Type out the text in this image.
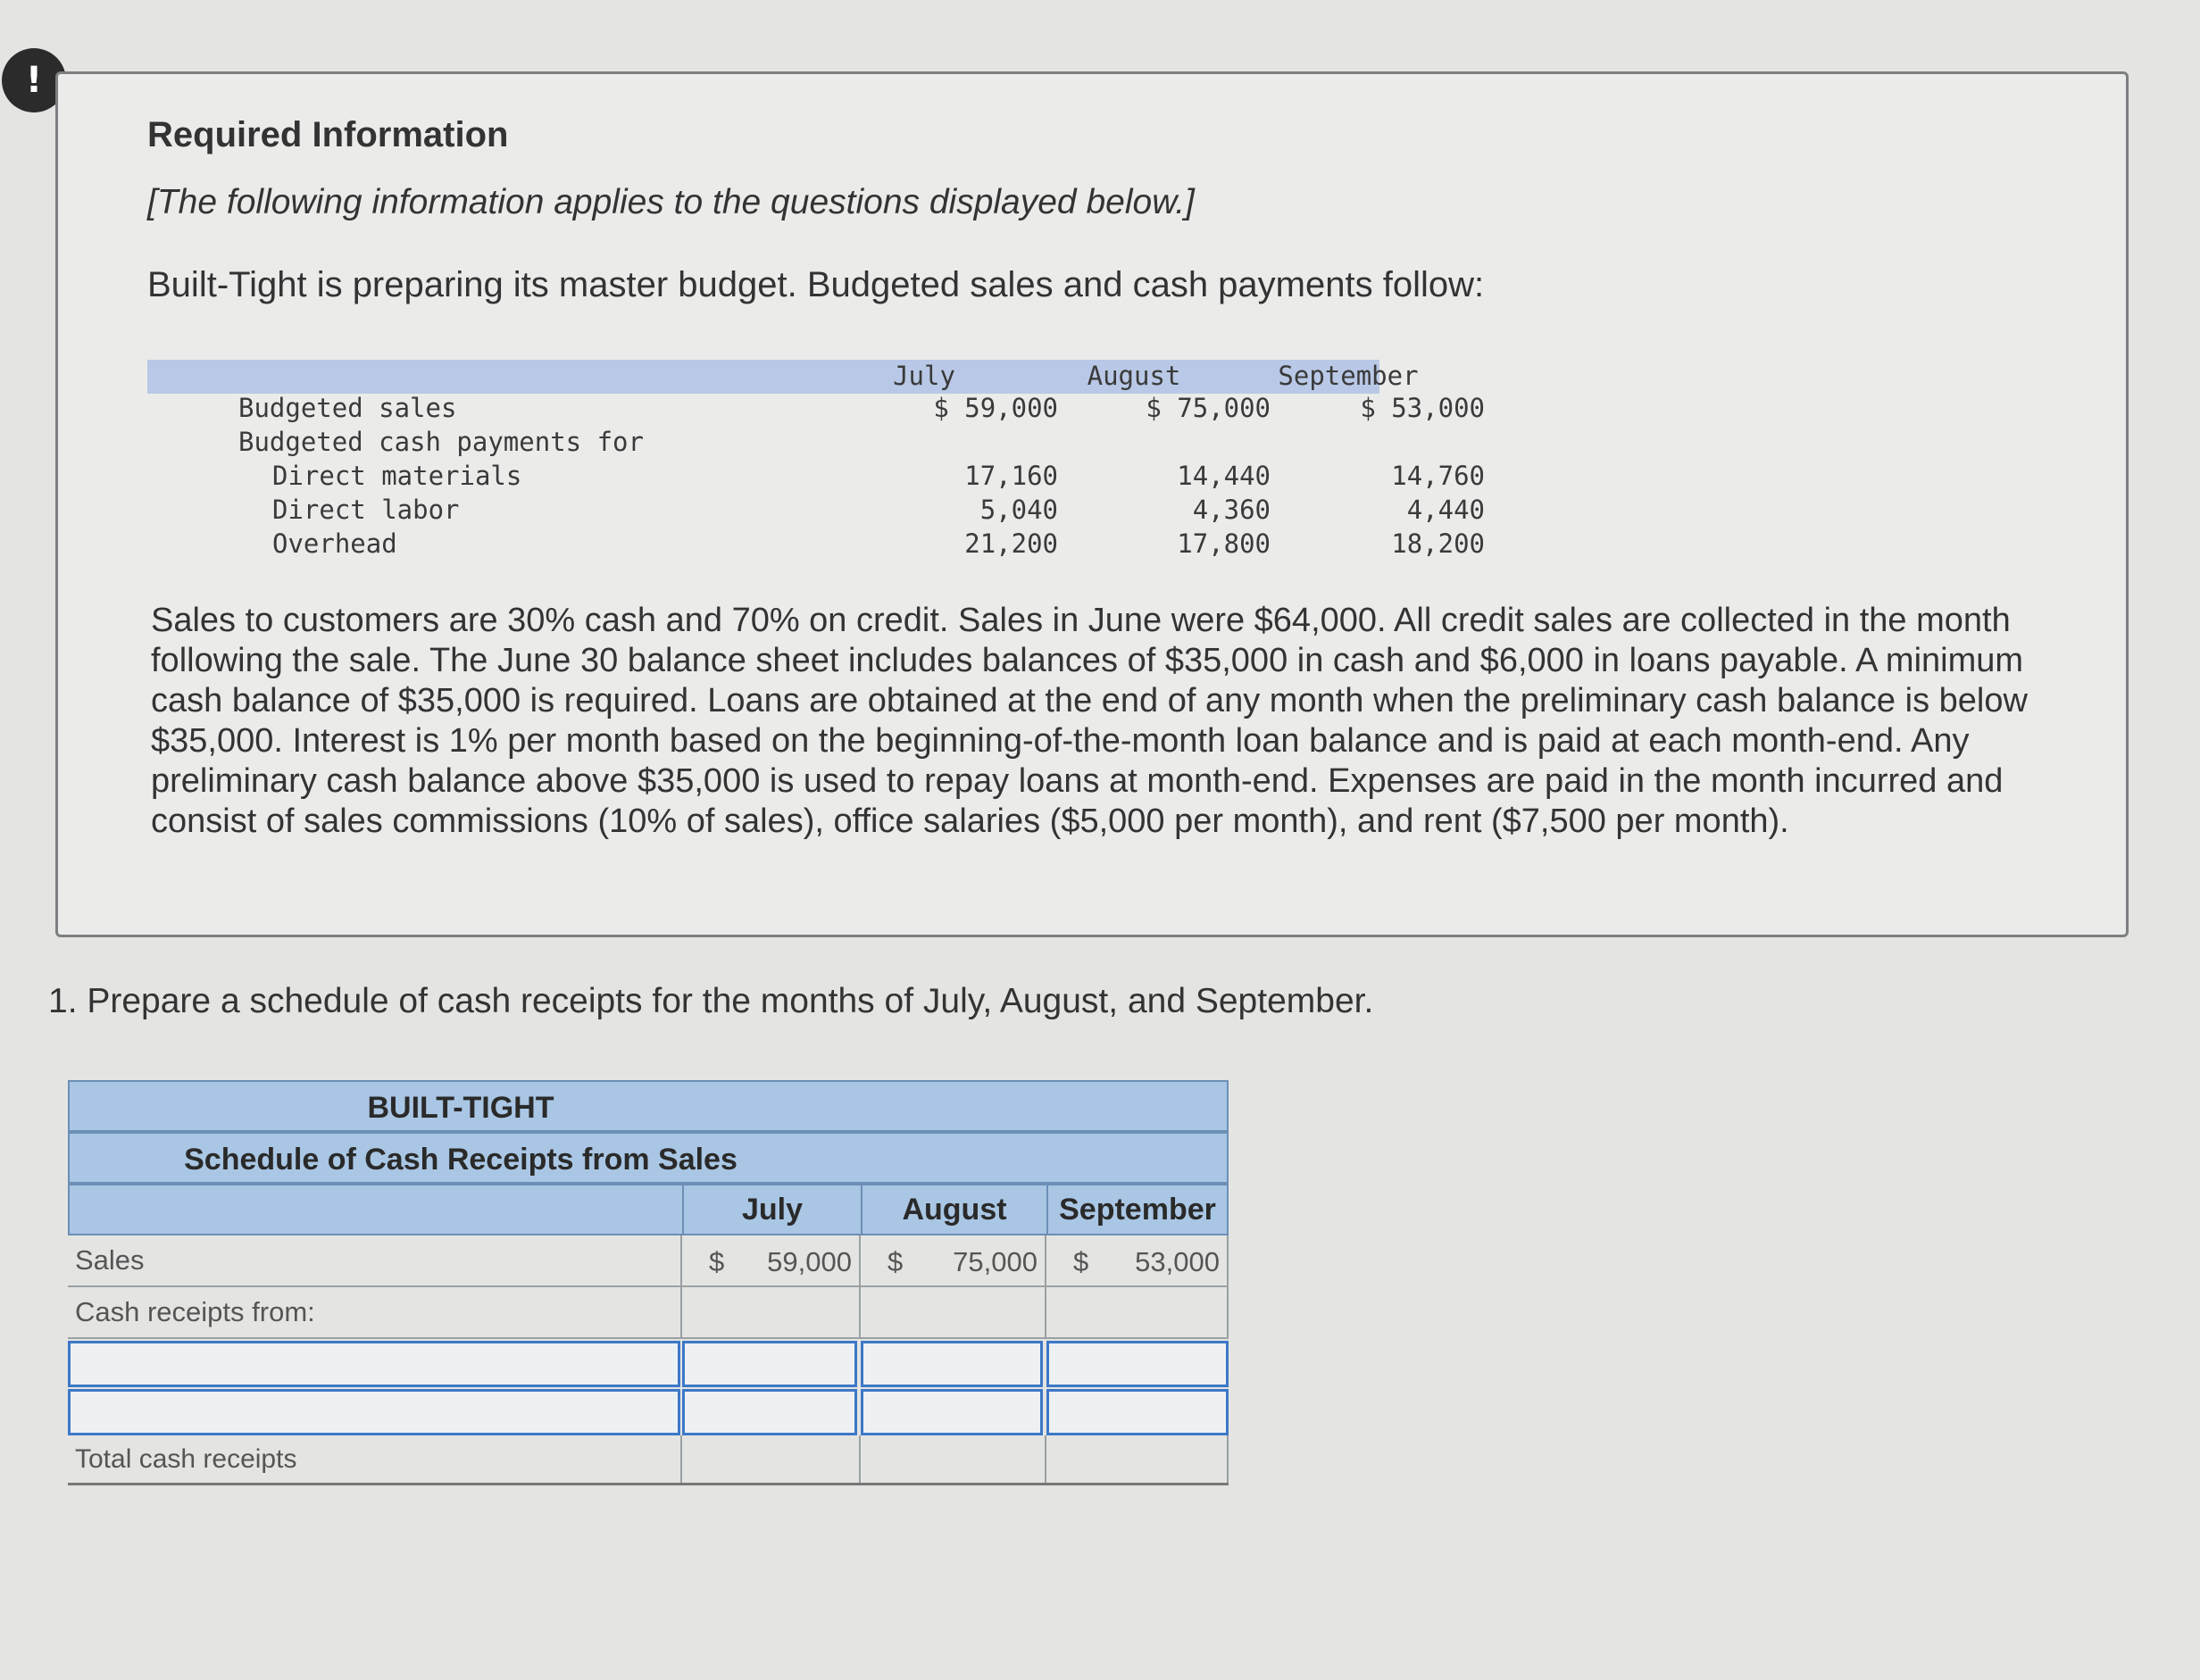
!
Required Information
[The following information applies to the questions displayed below.]
Built-Tight is preparing its master budget. Budgeted sales and cash payments follow:
July	August	September
Budgeted sales	$ 59,000	$ 75,000	$ 53,000
Budgeted cash payments for
Direct materials	17,160	14,440	14,760
Direct labor	5,040	4,360	4,440
Overhead	21,200	17,800	18,200
Sales to customers are 30% cash and 70% on credit. Sales in June were $64,000. All credit sales are collected in the month following the sale. The June 30 balance sheet includes balances of $35,000 in cash and $6,000 in loans payable. A minimum cash balance of $35,000 is required. Loans are obtained at the end of any month when the preliminary cash balance is below $35,000. Interest is 1% per month based on the beginning-of-the-month loan balance and is paid at each month-end. Any preliminary cash balance above $35,000 is used to repay loans at month-end. Expenses are paid in the month incurred and consist of sales commissions (10% of sales), office salaries ($5,000 per month), and rent ($7,500 per month).
1. Prepare a schedule of cash receipts for the months of July, August, and September.
BUILT-TIGHT
Schedule of Cash Receipts from Sales
July	August	September
Sales	$ 59,000 $ 75,000 $ 53,000
Cash receipts from:
Total cash receipts
